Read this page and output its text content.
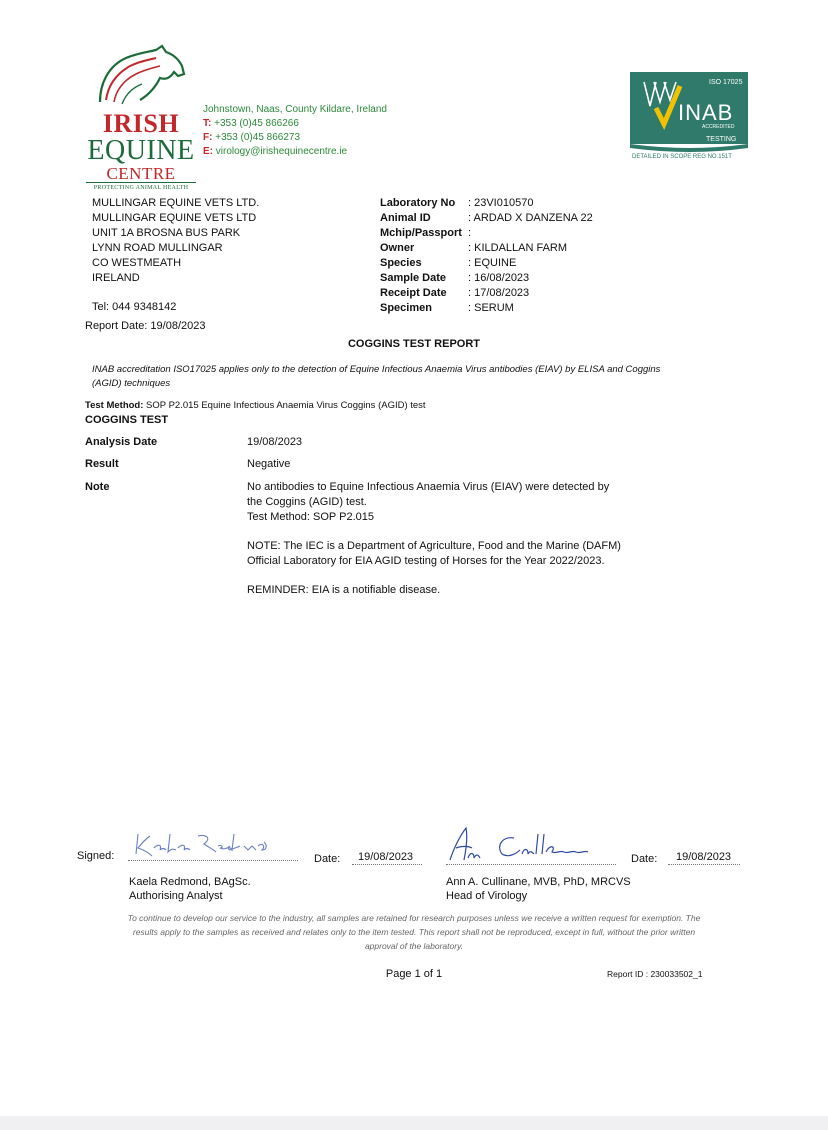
IRISH
EQUINE
CENTRE
PROTECTING ANIMAL HEALTH
Johnstown, Naas, County Kildare, Ireland
T: +353 (0)45 866266
F: +353 (0)45 866273
E: virology@irishequinecentre.ie
ISO 17025
INAB
ACCREDITED
TESTING
DETAILED IN SCOPE REG NO.151T
MULLINGAR EQUINE VETS LTD.
MULLINGAR EQUINE VETS LTD
UNIT 1A BROSNA BUS PARK
LYNN ROAD MULLINGAR
CO WESTMEATH
IRELAND
Tel: 044 9348142
Report Date: 19/08/2023
Laboratory No	: 23VI010570
Animal ID	: ARDAD X DANZENA 22
Mchip/Passport :
Owner	: KILDALLAN FARM
Species	: EQUINE
Sample Date	: 16/08/2023
Receipt Date	: 17/08/2023
Specimen	: SERUM
COGGINS TEST REPORT
INAB accreditation ISO17025 applies only to the detection of Equine Infectious Anaemia Virus antibodies (EIAV) by ELISA and Coggins (AGID) techniques
Test Method: SOP P2.015 Equine Infectious Anaemia Virus Coggins (AGID) test
COGGINS TEST
Analysis Date	19/08/2023
Result	Negative
Note	No antibodies to Equine Infectious Anaemia Virus (EIAV) were detected by the Coggins (AGID) test.
Test Method: SOP P2.015
NOTE: The IEC is a Department of Agriculture, Food and the Marine (DAFM) Official Laboratory for EIA AGID testing of Horses for the Year 2022/2023.
REMINDER: EIA is a notifiable disease.
Signed:	Date: 19/08/2023
Kaela Redmond, BAgSc.
Authorising Analyst
Date: 19/08/2023
Ann A. Cullinane, MVB, PhD, MRCVS
Head of Virology
To continue to develop our service to the industry, all samples are retained for research purposes unless we receive a written request for exemption. The results apply to the samples as received and relates only to the item tested. This report shall not be reproduced, except in full, without the prior written approval of the laboratory.
Page 1 of 1	Report ID : 230033502_1
